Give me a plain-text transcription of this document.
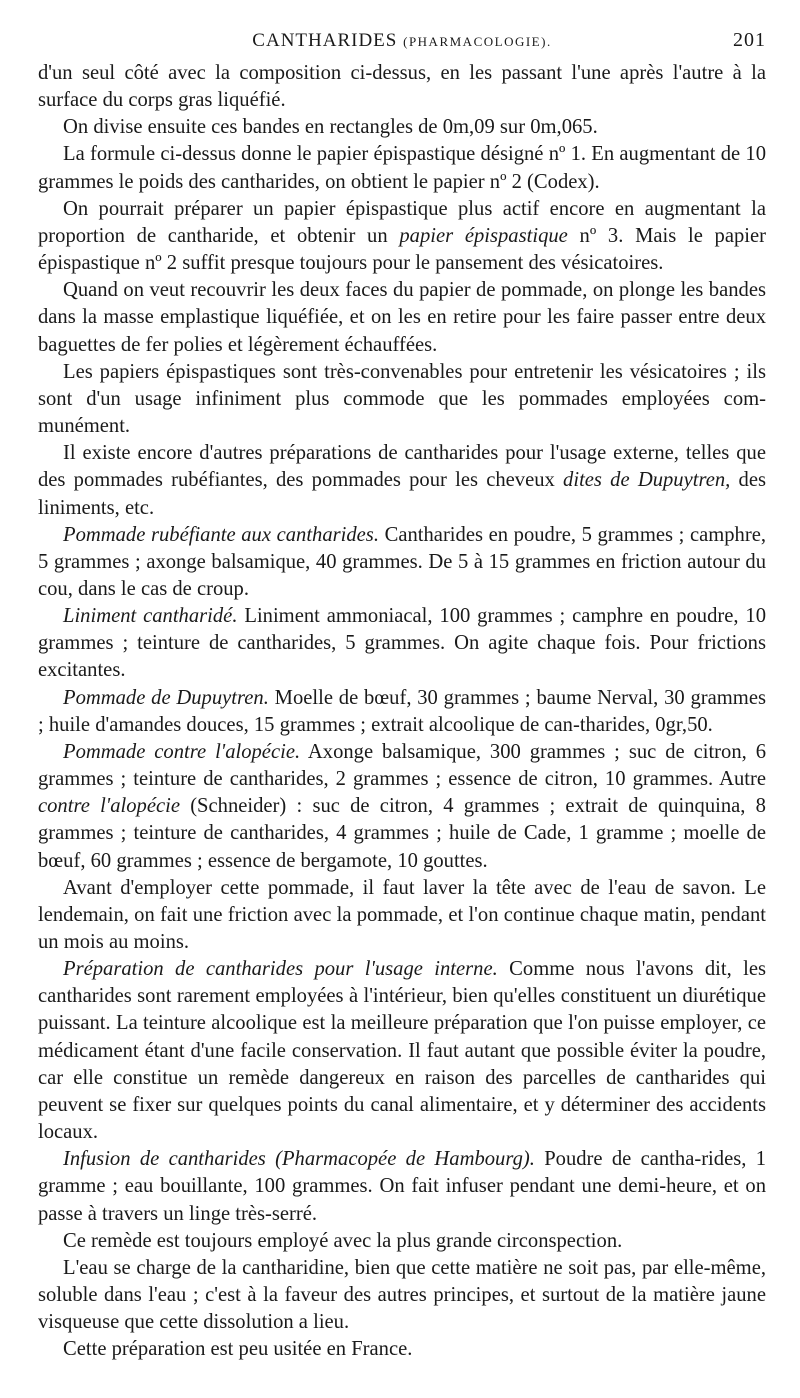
CANTHARIDES (PHARMACOLOGIE).	201

d'un seul côté avec la composition ci-dessus, en les passant l'une après l'autre à la surface du corps gras liquéfié.

On divise ensuite ces bandes en rectangles de 0m,09 sur 0m,065.

La formule ci-dessus donne le papier épispastique désigné nº 1. En augmentant de 10 grammes le poids des cantharides, on obtient le papier nº 2 (Codex).

On pourrait préparer un papier épispastique plus actif encore en augmentant la proportion de cantharide, et obtenir un papier épispastique nº 3. Mais le papier épispastique nº 2 suffit presque toujours pour le pansement des vésicatoires.

Quand on veut recouvrir les deux faces du papier de pommade, on plonge les bandes dans la masse emplastique liquéfiée, et on les en retire pour les faire passer entre deux baguettes de fer polies et légèrement échauffées.

Les papiers épispastiques sont très-convenables pour entretenir les vésicatoires ; ils sont d'un usage infiniment plus commode que les pommades employées com-munément.

Il existe encore d'autres préparations de cantharides pour l'usage externe, telles que des pommades rubéfiantes, des pommades pour les cheveux dites de Dupuytren, des liniments, etc.

Pommade rubéfiante aux cantharides. Cantharides en poudre, 5 grammes ; camphre, 5 grammes ; axonge balsamique, 40 grammes. De 5 à 15 grammes en friction autour du cou, dans le cas de croup.

Liniment cantharidé. Liniment ammoniacal, 100 grammes ; camphre en poudre, 10 grammes ; teinture de cantharides, 5 grammes. On agite chaque fois. Pour frictions excitantes.

Pommade de Dupuytren. Moelle de bœuf, 30 grammes ; baume Nerval, 30 grammes ; huile d'amandes douces, 15 grammes ; extrait alcoolique de can-tharides, 0gr,50.

Pommade contre l'alopécie. Axonge balsamique, 300 grammes ; suc de citron, 6 grammes ; teinture de cantharides, 2 grammes ; essence de citron, 10 grammes. Autre contre l'alopécie (Schneider) : suc de citron, 4 grammes ; extrait de quinquina, 8 grammes ; teinture de cantharides, 4 grammes ; huile de Cade, 1 gramme ; moelle de bœuf, 60 grammes ; essence de bergamote, 10 gouttes.

Avant d'employer cette pommade, il faut laver la tête avec de l'eau de savon. Le lendemain, on fait une friction avec la pommade, et l'on continue chaque matin, pendant un mois au moins.

Préparation de cantharides pour l'usage interne. Comme nous l'avons dit, les cantharides sont rarement employées à l'intérieur, bien qu'elles constituent un diurétique puissant. La teinture alcoolique est la meilleure préparation que l'on puisse employer, ce médicament étant d'une facile conservation. Il faut autant que possible éviter la poudre, car elle constitue un remède dangereux en raison des parcelles de cantharides qui peuvent se fixer sur quelques points du canal alimentaire, et y déterminer des accidents locaux.

Infusion de cantharides (Pharmacopée de Hambourg). Poudre de cantha-rides, 1 gramme ; eau bouillante, 100 grammes. On fait infuser pendant une demi-heure, et on passe à travers un linge très-serré.

Ce remède est toujours employé avec la plus grande circonspection.

L'eau se charge de la cantharidine, bien que cette matière ne soit pas, par elle-même, soluble dans l'eau ; c'est à la faveur des autres principes, et surtout de la matière jaune visqueuse que cette dissolution a lieu.

Cette préparation est peu usitée en France.
